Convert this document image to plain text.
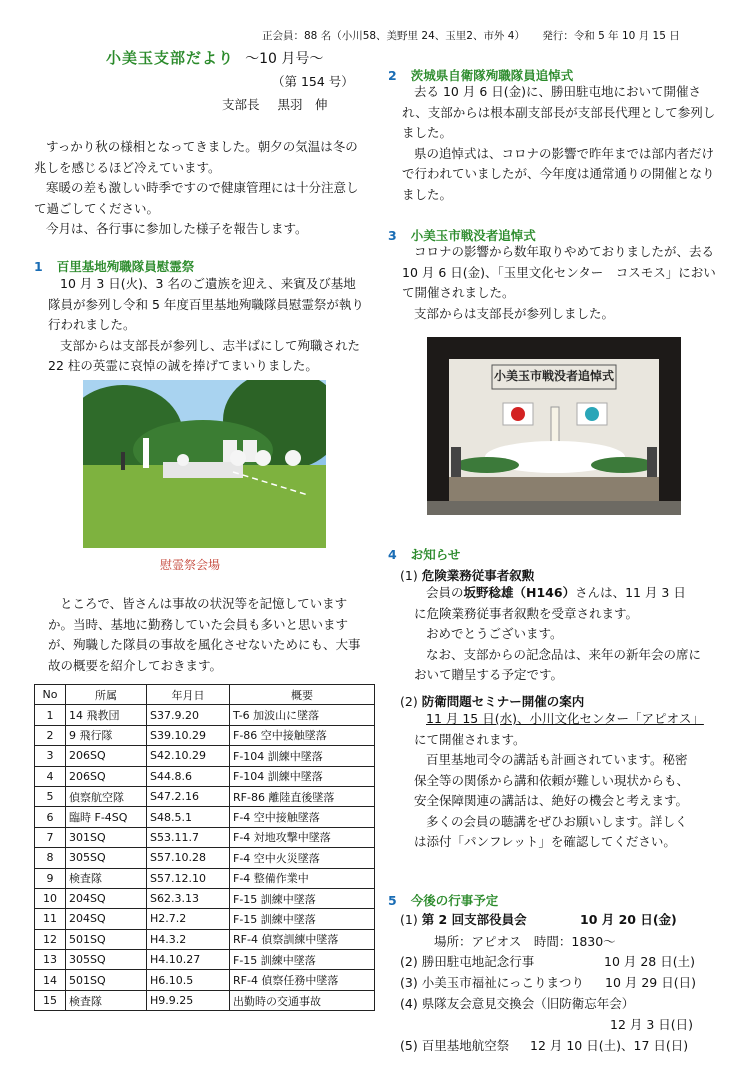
正会員：88 名（小川58、美野里 24、玉里2、市外 4） 発行：令和 5 年 10 月 15 日
小美玉支部だより ～10 月号～
（第 154 号）
支部長 黒羽　伸
すっかり秋の様相となってきました。朝夕の気温は冬の兆しを感じるほど冷えています。
寒暖の差も激しい時季ですので健康管理には十分注意して過ごしてください。
今月は、各行事に参加した様子を報告します。
1 百里基地殉職隊員慰霊祭
10 月 3 日(火)、3 名のご遺族を迎え、来賓及び基地隊員が参列し令和 5 年度百里基地殉職隊員慰霊祭が執り行われました。
支部からは支部長が参列し、志半ばにして殉職された 22 柱の英霊に哀悼の誠を捧げてまいりました。
慰霊祭会場
ところで、皆さんは事故の状況等を記憶していますか。当時、基地に勤務していた会員も多いと思いますが、殉職した隊員の事故を風化させないためにも、大事故の概要を紹介しておきます。
No	所属	年月日	概要
1	14 飛教団	S37.9.20	T-6 加波山に墜落
2	9 飛行隊	S39.10.29	F-86 空中接触墜落
3	206SQ	S42.10.29	F-104 訓練中墜落
4	206SQ	S44.8.6	F-104 訓練中墜落
5	偵察航空隊	S47.2.16	RF-86 離陸直後墜落
6	臨時 F-4SQ	S48.5.1	F-4 空中接触墜落
7	301SQ	S53.11.7	F-4 対地攻撃中墜落
8	305SQ	S57.10.28	F-4 空中火災墜落
9	検査隊	S57.12.10	F-4 整備作業中
10	204SQ	S62.3.13	F-15 訓練中墜落
11	204SQ	H2.7.2	F-15 訓練中墜落
12	501SQ	H4.3.2	RF-4 偵察訓練中墜落
13	305SQ	H4.10.27	F-15 訓練中墜落
14	501SQ	H6.10.5	RF-4 偵察任務中墜落
15	検査隊	H9.9.25	出勤時の交通事故
2 茨城県自衛隊殉職隊員追悼式
去る 10 月 6 日(金)に、勝田駐屯地において開催され、支部からは根本副支部長が支部長代理として参列しました。
県の追悼式は、コロナの影響で昨年までは部内者だけで行われていましたが、今年度は通常通りの開催となりました。
3 小美玉市戦没者追悼式
コロナの影響から数年取りやめておりましたが、去る 10 月 6 日(金)、「玉里文化センター　コスモス」において開催されました。
支部からは支部長が参列しました。
小美玉市戦没者追悼式
4 お知らせ
(1) 危険業務従事者叙勲
会員の坂野稔雄（H146）さんは、11 月 3 日
に危険業務従事者叙勲を受章されます。
おめでとうございます。
なお、支部からの記念品は、来年の新年会の席に
おいて贈呈する予定です。
(2) 防衛問題セミナー開催の案内
11 月 15 日(水)、小川文化センター「アピオス」
にて開催されます。
百里基地司令の講話も計画されています。秘密
保全等の関係から講和依頼が難しい現状からも、
安全保障関連の講話は、絶好の機会と考えます。
多くの会員の聴講をぜひお願いします。詳しく
は添付「パンフレット」を確認してください。
5 今後の行事予定
(1) 第 2 回支部役員会	10 月 20 日(金)
場所：アピオス　時間：1830～
(2) 勝田駐屯地記念行事	10 月 28 日(土)
(3) 小美玉市福祉にっこりまつり 10 月 29 日(日)
(4) 県隊友会意見交換会（旧防衛忘年会）
12 月 3 日(日)
(5) 百里基地航空祭 12 月 10 日(土)、17 日(日)
